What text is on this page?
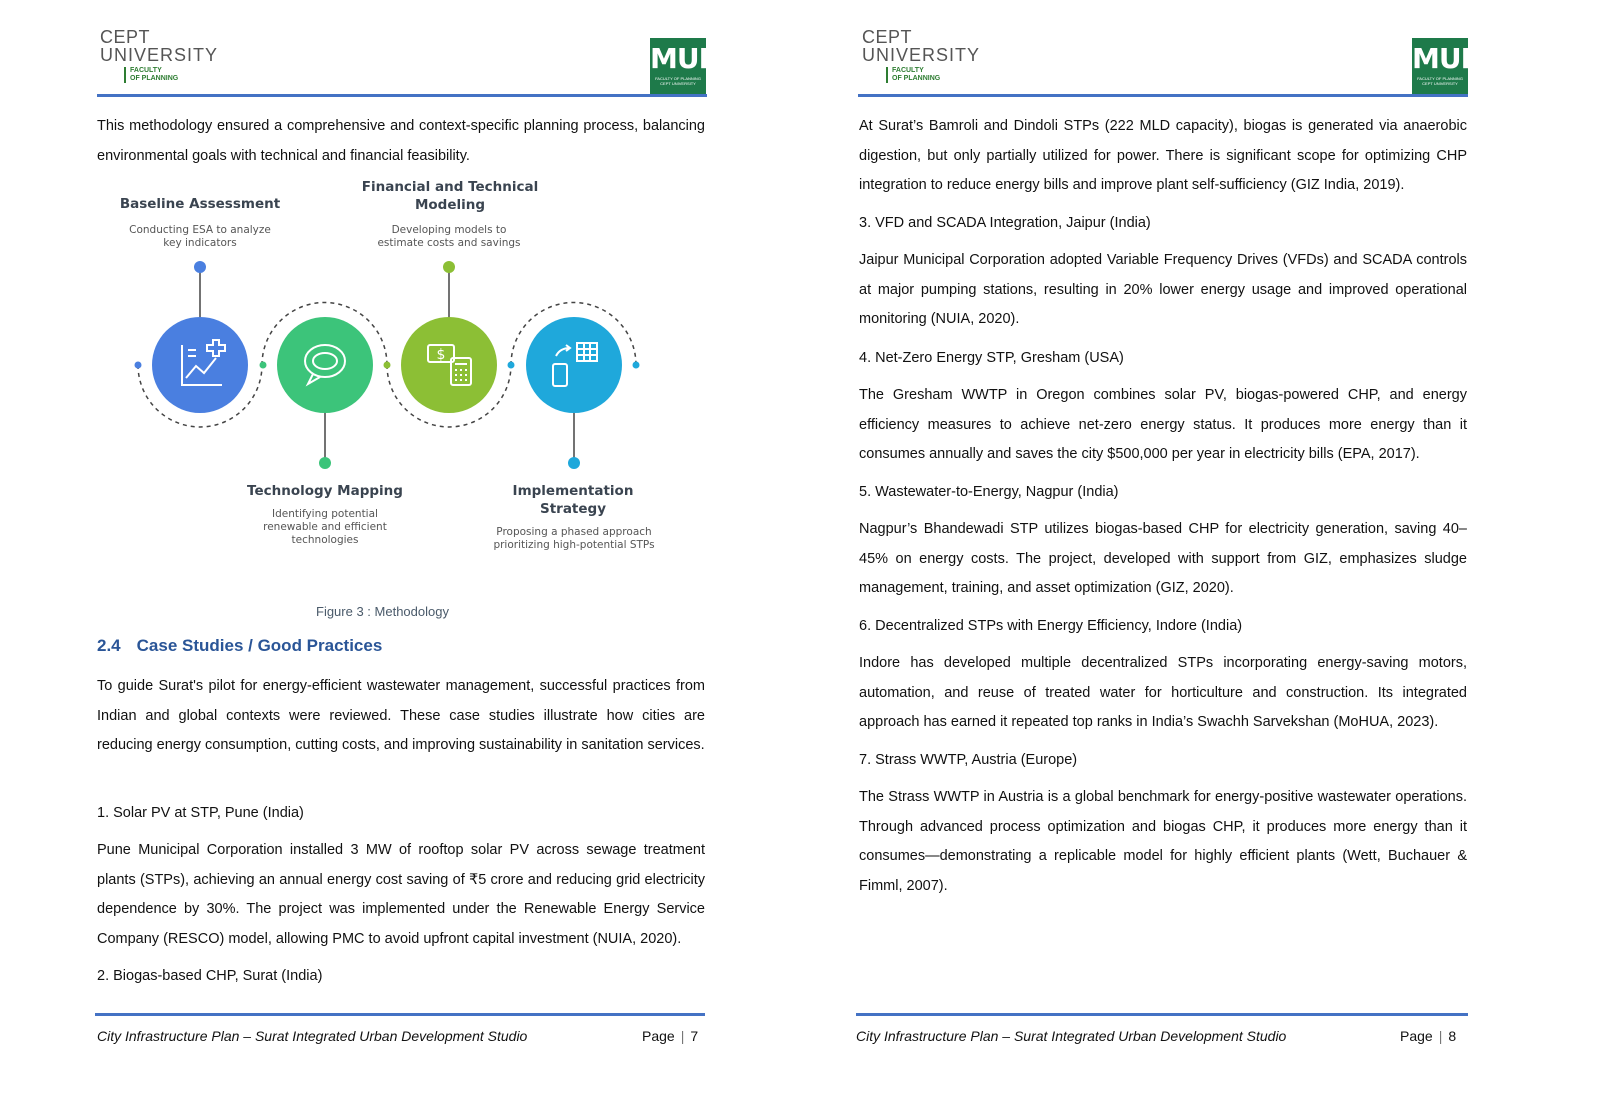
CEPT
UNIVERSITY
FACULTY
OF PLANNING
MUI
FACULTY OF PLANNING
CEPT UNIVERSITY

This methodology ensured a comprehensive and context-specific planning process, balancing environmental goals with technical and financial feasibility.

$
Baseline Assessment
Conducting ESA to analyze key indicators
Financial and Technical Modeling
Developing models to estimate costs and savings
Technology Mapping
Identifying potential renewable and efficient technologies
Implementation Strategy
Proposing a phased approach prioritizing high-potential STPs
Figure 3 : Methodology
2.4 Case Studies / Good Practices

To guide Surat's pilot for energy-efficient wastewater management, successful practices from Indian and global contexts were reviewed. These case studies illustrate how cities are reducing energy consumption, cutting costs, and improving sustainability in sanitation services.

1. Solar PV at STP, Pune (India)

Pune Municipal Corporation installed 3 MW of rooftop solar PV across sewage treatment plants (STPs), achieving an annual energy cost saving of ₹5 crore and reducing grid electricity dependence by 30%. The project was implemented under the Renewable Energy Service Company (RESCO) model, allowing PMC to avoid upfront capital investment (NUIA, 2020).

2. Biogas-based CHP, Surat (India)

City Infrastructure Plan – Surat Integrated Urban Development Studio	Page | 7
CEPT
UNIVERSITY
FACULTY
OF PLANNING
MUI
FACULTY OF PLANNING
CEPT UNIVERSITY

At Surat’s Bamroli and Dindoli STPs (222 MLD capacity), biogas is generated via anaerobic digestion, but only partially utilized for power. There is significant scope for optimizing CHP integration to reduce energy bills and improve plant self-sufficiency (GIZ India, 2019).

3. VFD and SCADA Integration, Jaipur (India)

Jaipur Municipal Corporation adopted Variable Frequency Drives (VFDs) and SCADA controls at major pumping stations, resulting in 20% lower energy usage and improved operational monitoring (NUIA, 2020).

4. Net-Zero Energy STP, Gresham (USA)

The Gresham WWTP in Oregon combines solar PV, biogas-powered CHP, and energy efficiency measures to achieve net-zero energy status. It produces more energy than it consumes annually and saves the city $500,000 per year in electricity bills (EPA, 2017).

5. Wastewater-to-Energy, Nagpur (India)

Nagpur’s Bhandewadi STP utilizes biogas-based CHP for electricity generation, saving 40–45% on energy costs. The project, developed with support from GIZ, emphasizes sludge management, training, and asset optimization (GIZ, 2020).

6. Decentralized STPs with Energy Efficiency, Indore (India)

Indore has developed multiple decentralized STPs incorporating energy-saving motors, automation, and reuse of treated water for horticulture and construction. Its integrated approach has earned it repeated top ranks in India’s Swachh Sarvekshan (MoHUA, 2023).

7. Strass WWTP, Austria (Europe)

The Strass WWTP in Austria is a global benchmark for energy-positive wastewater operations. Through advanced process optimization and biogas CHP, it produces more energy than it consumes—demonstrating a replicable model for highly efficient plants (Wett, Buchauer & Fimml, 2007).

City Infrastructure Plan – Surat Integrated Urban Development Studio	Page | 8
